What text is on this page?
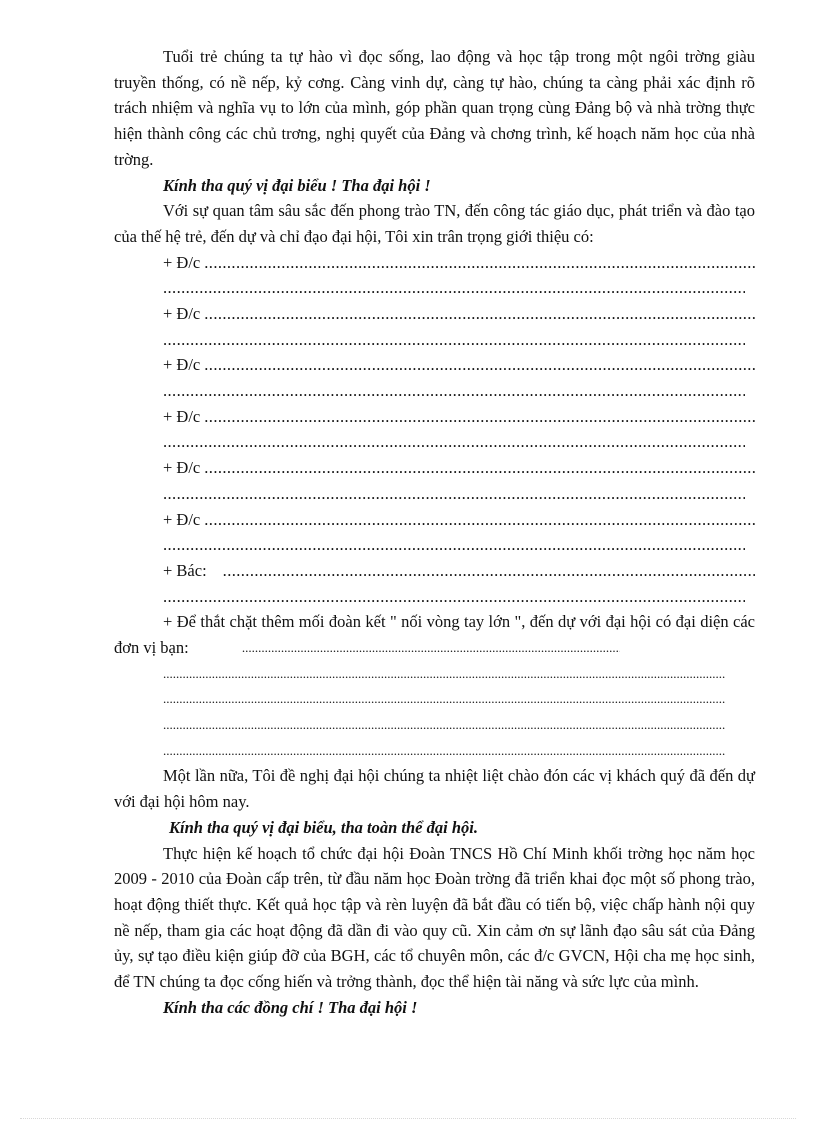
Tuổi trẻ chúng ta tự hào vì đọc sống, lao động và học tập trong một ngôi trờng giàu truyền thống, có nề nếp, kỷ cơng. Càng vinh dự, càng tự hào, chúng ta càng phải xác định rõ trách nhiệm và nghĩa vụ to lớn của mình, góp phần quan trọng cùng Đảng bộ và nhà trờng thực hiện thành công các chủ trơng, nghị quyết của Đảng và chơng trình, kế hoạch năm học của nhà trờng.

Kính tha quý vị đại biểu ! Tha đại hội !

Với sự quan tâm sâu sắc đến phong trào TN, đến công tác giáo dục, phát triển và đào tạo của thế hệ trẻ, đến dự và chỉ đạo đại hội, Tôi xin trân trọng giới thiệu có:

+ Đ/c
.....
.....
+ Đ/c
.....
.....
+ Đ/c
.....
.....
+ Đ/c
.....
.....
+ Đ/c
.....
.....
+ Đ/c
.....
.....
+ Bác:
.....
.....

+ Để thắt chặt thêm mối đoàn kết " nối vòng tay lớn ", đến dự với đại hội có đại diện các đơn vị bạn: .....

.....
.....
.....
.....

Một lần nữa, Tôi đề nghị đại hội chúng ta nhiệt liệt chào đón các vị khách quý đã đến dự với đại hội hôm nay.

Kính tha quý vị đại biểu, tha toàn thể đại hội.

Thực hiện kế hoạch tổ chức đại hội Đoàn TNCS Hồ Chí Minh khối trờng học năm học 2009 - 2010 của Đoàn cấp trên, từ đầu năm học Đoàn trờng đã triển khai đọc một số phong trào, hoạt động thiết thực. Kết quả học tập và rèn luyện đã bắt đầu có tiến bộ, việc chấp hành nội quy nề nếp, tham gia các hoạt động đã dần đi vào quy cũ. Xin cảm ơn sự lãnh đạo sâu sát của Đảng ủy, sự tạo điều kiện giúp đỡ của BGH, các tổ chuyên môn, các đ/c GVCN, Hội cha mẹ học sinh, để TN chúng ta đọc cống hiến và trởng thành, đọc thể hiện tài năng và sức lực của mình.

Kính tha các đồng chí ! Tha đại hội !
